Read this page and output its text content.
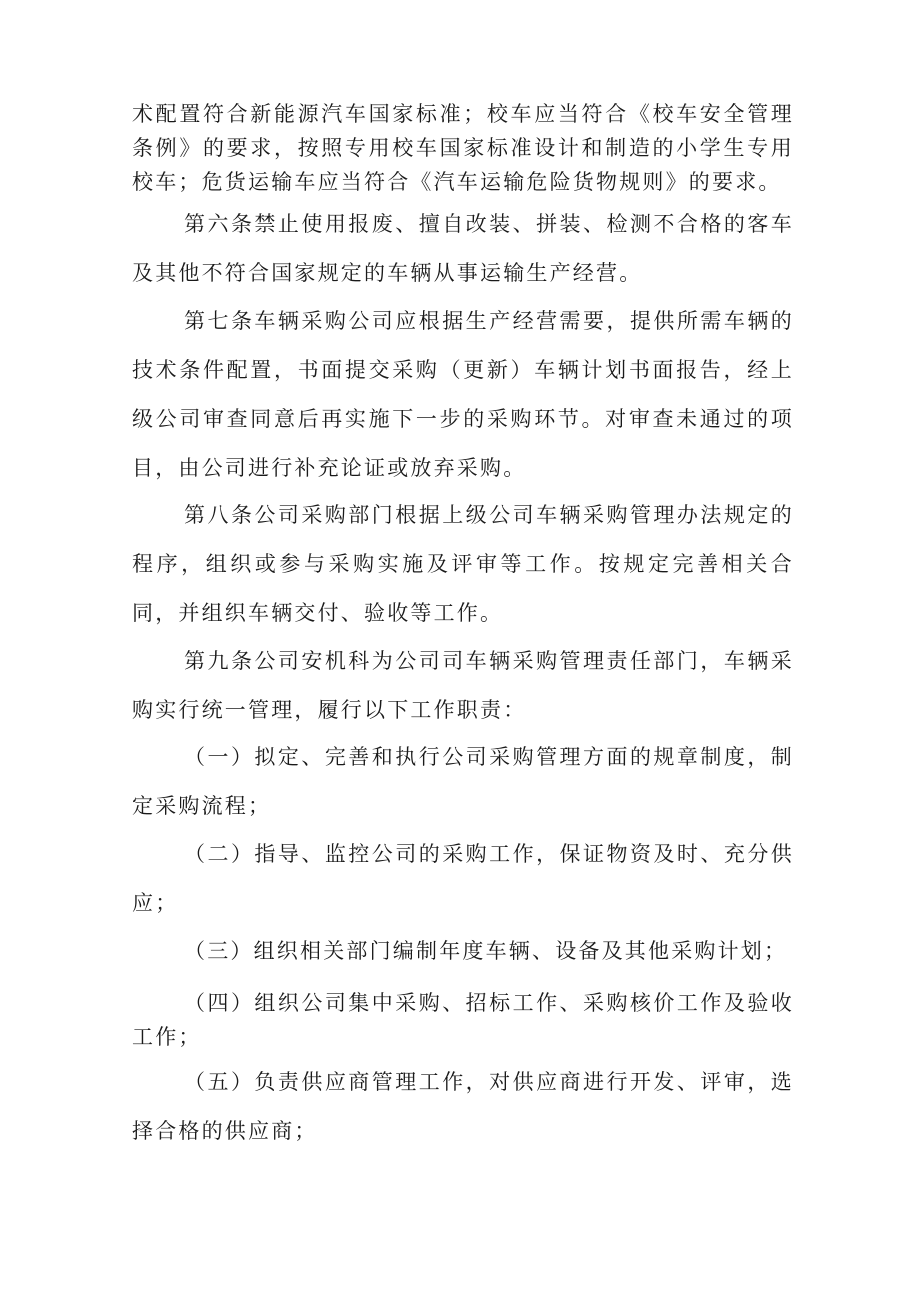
术配置符合新能源汽车国家标准；校车应当符合《校车安全管理条例》的要求，按照专用校车国家标准设计和制造的小学生专用校车；危货运输车应当符合《汽车运输危险货物规则》的要求。

第六条禁止使用报废、擅自改装、拼装、检测不合格的客车及其他不符合国家规定的车辆从事运输生产经营。

第七条车辆采购公司应根据生产经营需要，提供所需车辆的技术条件配置，书面提交采购（更新）车辆计划书面报告，经上级公司审查同意后再实施下一步的采购环节。对审查未通过的项目，由公司进行补充论证或放弃采购。

第八条公司采购部门根据上级公司车辆采购管理办法规定的程序，组织或参与采购实施及评审等工作。按规定完善相关合同，并组织车辆交付、验收等工作。

第九条公司安机科为公司司车辆采购管理责任部门，车辆采购实行统一管理，履行以下工作职责：

（一）拟定、完善和执行公司采购管理方面的规章制度，制定采购流程；

（二）指导、监控公司的采购工作，保证物资及时、充分供应；

（三）组织相关部门编制年度车辆、设备及其他采购计划；

（四）组织公司集中采购、招标工作、采购核价工作及验收工作；

（五）负责供应商管理工作，对供应商进行开发、评审，选择合格的供应商；
